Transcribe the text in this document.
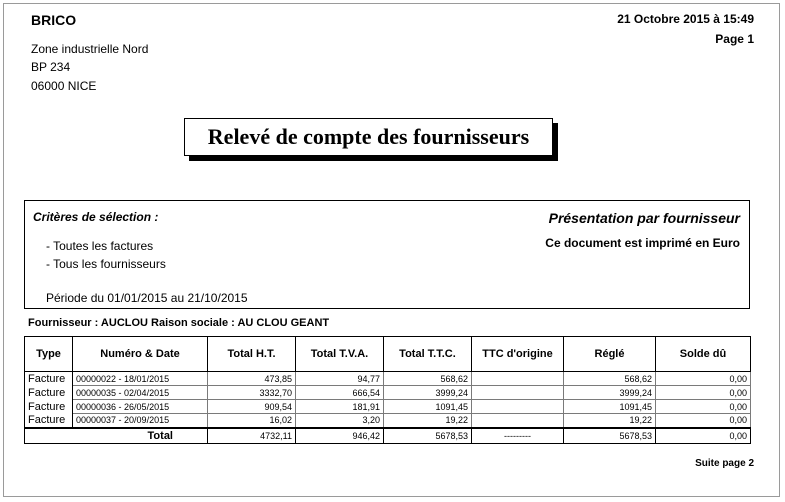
BRICO
Zone industrielle Nord
BP 234
06000 NICE
21 Octobre 2015 à 15:49
Page 1
Relevé de compte des fournisseurs
Critères de sélection :
- Toutes les factures
- Tous les fournisseurs
Période du 01/01/2015 au 21/10/2015
Présentation par fournisseur
Ce document est imprimé en Euro
Fournisseur : AUCLOU Raison sociale : AU CLOU GEANT
Type	Numéro & Date	Total H.T.	Total T.V.A.	Total T.T.C.	TTC d'origine	Réglé	Solde dû
Facture	00000022 - 18/01/2015	473,85	94,77	568,62		568,62	0,00
Facture	00000035 - 02/04/2015	3332,70	666,54	3999,24		3999,24	0,00
Facture	00000036 - 26/05/2015	909,54	181,91	1091,45		1091,45	0,00
Facture	00000037 - 20/09/2015	16,02	3,20	19,22		19,22	0,00
Total		4732,11	946,42	5678,53	---------	5678,53	0,00
Suite page 2
